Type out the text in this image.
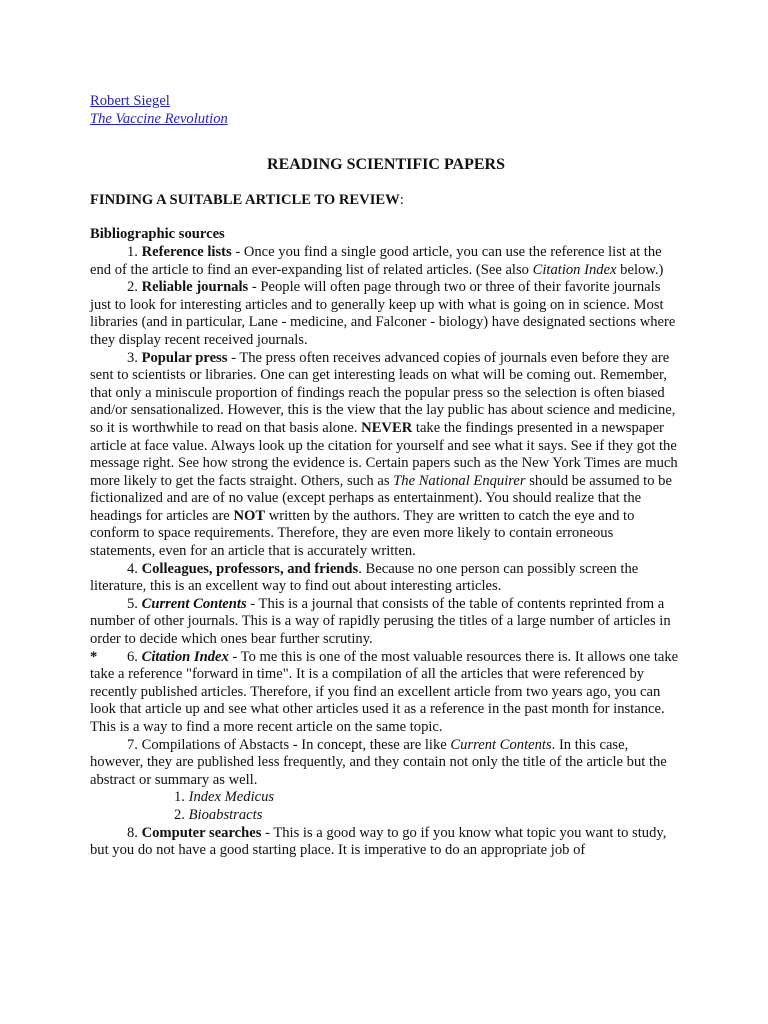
Robert Siegel
The Vaccine Revolution
READING SCIENTIFIC PAPERS
FINDING A SUITABLE ARTICLE TO REVIEW:
Bibliographic sources

1. Reference lists - Once you find a single good article, you can use the reference list at the end of the article to find an ever-expanding list of related articles. (See also Citation Index below.)

2. Reliable journals - People will often page through two or three of their favorite journals just to look for interesting articles and to generally keep up with what is going on in science. Most libraries (and in particular, Lane - medicine, and Falconer - biology) have designated sections where they display recent received journals.

3. Popular press - The press often receives advanced copies of journals even before they are sent to scientists or libraries. One can get interesting leads on what will be coming out. Remember, that only a miniscule proportion of findings reach the popular press so the selection is often biased and/or sensationalized. However, this is the view that the lay public has about science and medicine, so it is worthwhile to read on that basis alone. NEVER take the findings presented in a newspaper article at face value. Always look up the citation for yourself and see what it says. See if they got the message right. See how strong the evidence is. Certain papers such as the New York Times are much more likely to get the facts straight. Others, such as The National Enquirer should be assumed to be fictionalized and are of no value (except perhaps as entertainment). You should realize that the headings for articles are NOT written by the authors. They are written to catch the eye and to conform to space requirements. Therefore, they are even more likely to contain erroneous statements, even for an article that is accurately written.

4. Colleagues, professors, and friends. Because no one person can possibly screen the literature, this is an excellent way to find out about interesting articles.

5. Current Contents - This is a journal that consists of the table of contents reprinted from a number of other journals. This is a way of rapidly perusing the titles of a large number of articles in order to decide which ones bear further scrutiny.

* 6. Citation Index - To me this is one of the most valuable resources there is. It allows one take take a reference "forward in time". It is a compilation of all the articles that were referenced by recently published articles. Therefore, if you find an excellent article from two years ago, you can look that article up and see what other articles used it as a reference in the past month for instance. This is a way to find a more recent article on the same topic.

7. Compilations of Abstacts - In concept, these are like Current Contents. In this case, however, they are published less frequently, and they contain not only the title of the article but the abstract or summary as well.

1. Index Medicus

2. Bioabstracts

8. Computer searches - This is a good way to go if you know what topic you want to study, but you do not have a good starting place. It is imperative to do an appropriate job of
